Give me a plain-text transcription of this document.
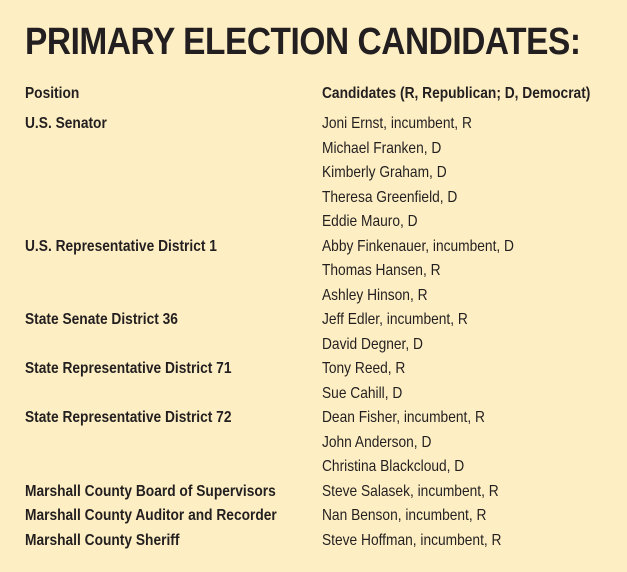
PRIMARY ELECTION CANDIDATES:
Position	Candidates (R, Republican; D, Democrat)
U.S. Senator	Joni Ernst, incumbent, R
Michael Franken, D
Kimberly Graham, D
Theresa Greenfield, D
Eddie Mauro, D
U.S. Representative District 1	Abby Finkenauer, incumbent, D
Thomas Hansen, R
Ashley Hinson, R
State Senate District 36	Jeff Edler, incumbent, R
David Degner, D
State Representative District 71	Tony Reed, R
Sue Cahill, D
State Representative District 72	Dean Fisher, incumbent, R
John Anderson, D
Christina Blackcloud, D
Marshall County Board of Supervisors	Steve Salasek, incumbent, R
Marshall County Auditor and Recorder	Nan Benson, incumbent, R
Marshall County Sheriff	Steve Hoffman, incumbent, R
